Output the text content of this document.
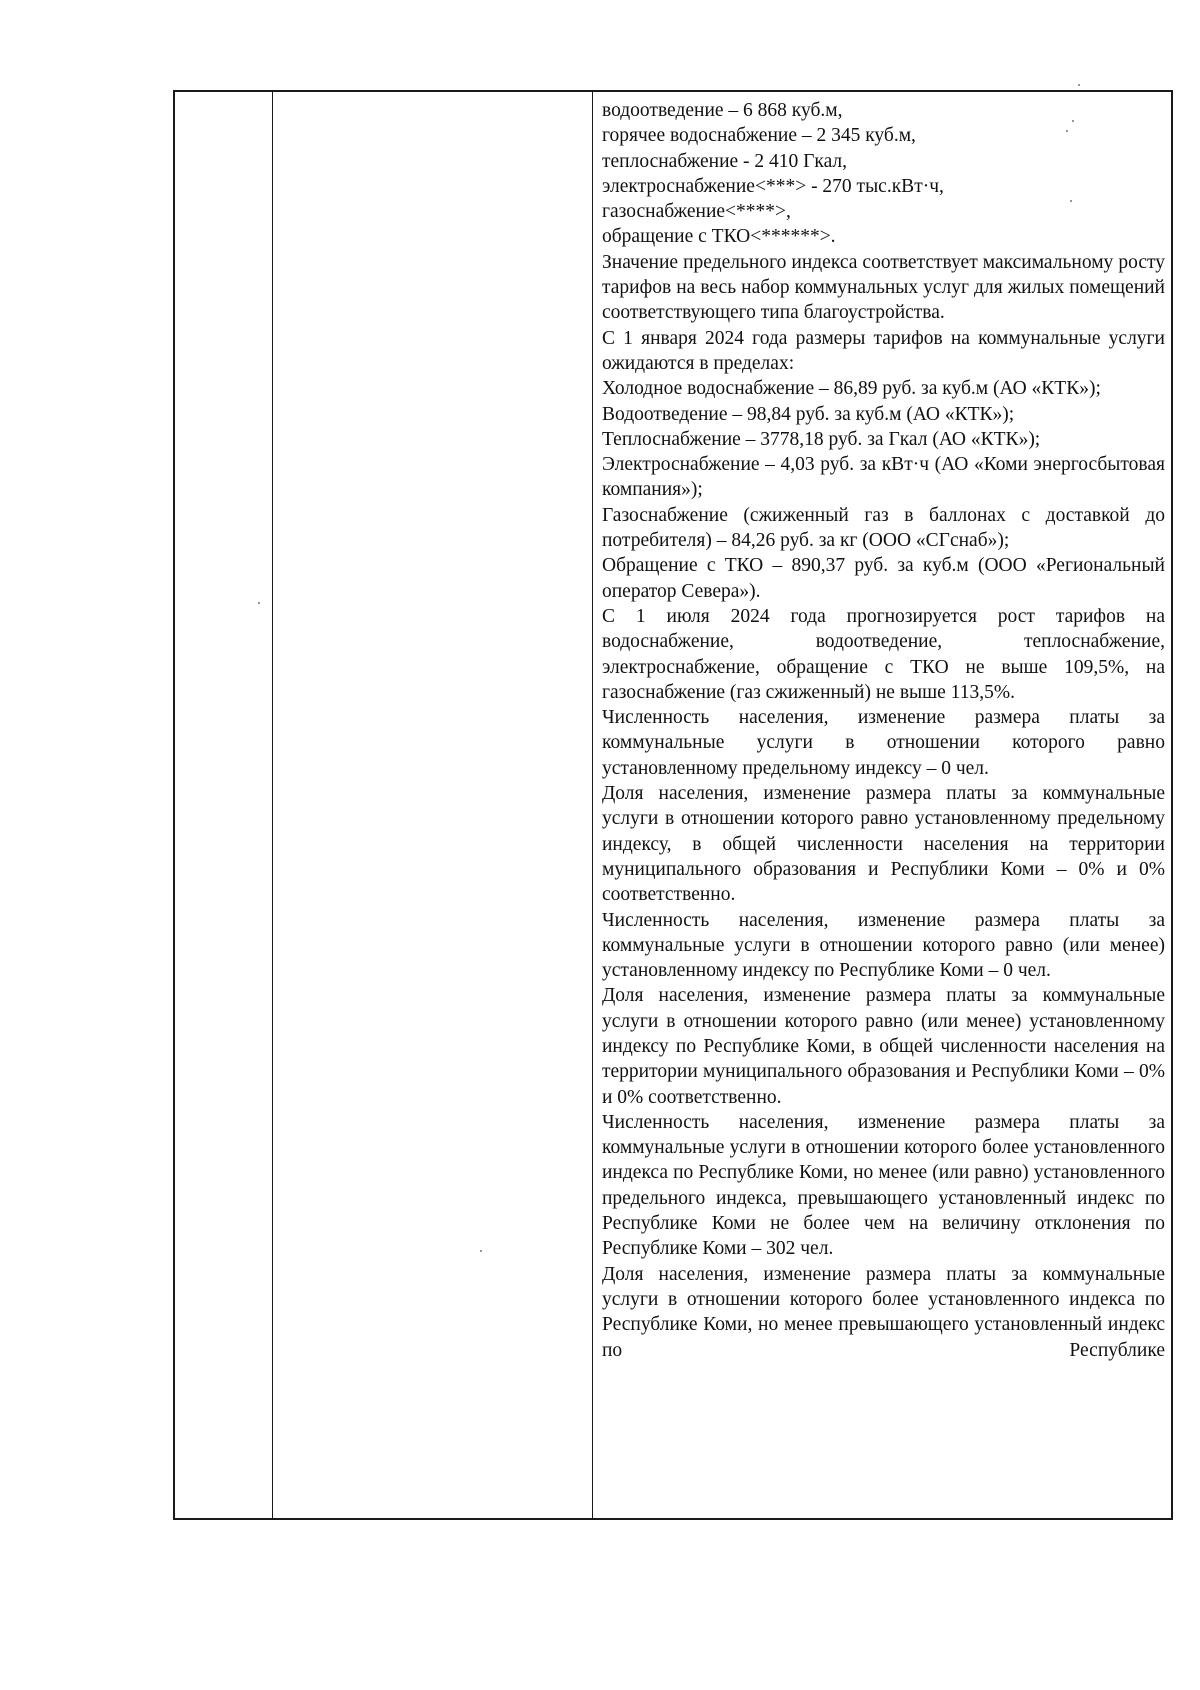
водоотведение – 6 868 куб.м,

горячее водоснабжение – 2 345 куб.м,

теплоснабжение - 2 410 Гкал,

электроснабжение<***> - 270 тыс.кВт·ч,

газоснабжение<****>,

обращение с ТКО<******>.

Значение предельного индекса соответствует максимальному росту тарифов на весь набор коммунальных услуг для жилых помещений соответствующего типа благоустройства.

С 1 января 2024 года размеры тарифов на коммунальные услуги ожидаются в пределах:

Холодное водоснабжение – 86,89 руб. за куб.м (АО «КТК»);

Водоотведение – 98,84 руб. за куб.м (АО «КТК»);

Теплоснабжение – 3778,18 руб. за Гкал (АО «КТК»);

Электроснабжение – 4,03 руб. за кВт·ч (АО «Коми энергосбытовая компания»);

Газоснабжение (сжиженный газ в баллонах с доставкой до потребителя) – 84,26 руб. за кг (ООО «СГснаб»);

Обращение с ТКО – 890,37 руб. за куб.м (ООО «Региональный оператор Севера»).

С 1 июля 2024 года прогнозируется рост тарифов на водоснабжение, водоотведение, теплоснабжение, электроснабжение, обращение с ТКО не выше 109,5%, на газоснабжение (газ сжиженный) не выше 113,5%.

Численность населения, изменение размера платы за коммунальные услуги в отношении которого равно установленному предельному индексу – 0 чел.

Доля населения, изменение размера платы за коммунальные услуги в отношении которого равно установленному предельному индексу, в общей численности населения на территории муниципального образования и Республики Коми – 0% и 0% соответственно.

Численность населения, изменение размера платы за коммунальные услуги в отношении которого равно (или менее) установленному индексу по Республике Коми – 0 чел.

Доля населения, изменение размера платы за коммунальные услуги в отношении которого равно (или менее) установленному индексу по Республике Коми, в общей численности населения на территории муниципального образования и Республики Коми – 0% и 0% соответственно.

Численность населения, изменение размера платы за коммунальные услуги в отношении которого более установленного индекса по Республике Коми, но менее (или равно) установленного предельного индекса, превышающего установленный индекс по Республике Коми не более чем на величину отклонения по Республике Коми – 302 чел.

Доля населения, изменение размера платы за коммунальные услуги в отношении которого более установленного индекса по Республике Коми, но менее превышающего установленный индекс по Республике
